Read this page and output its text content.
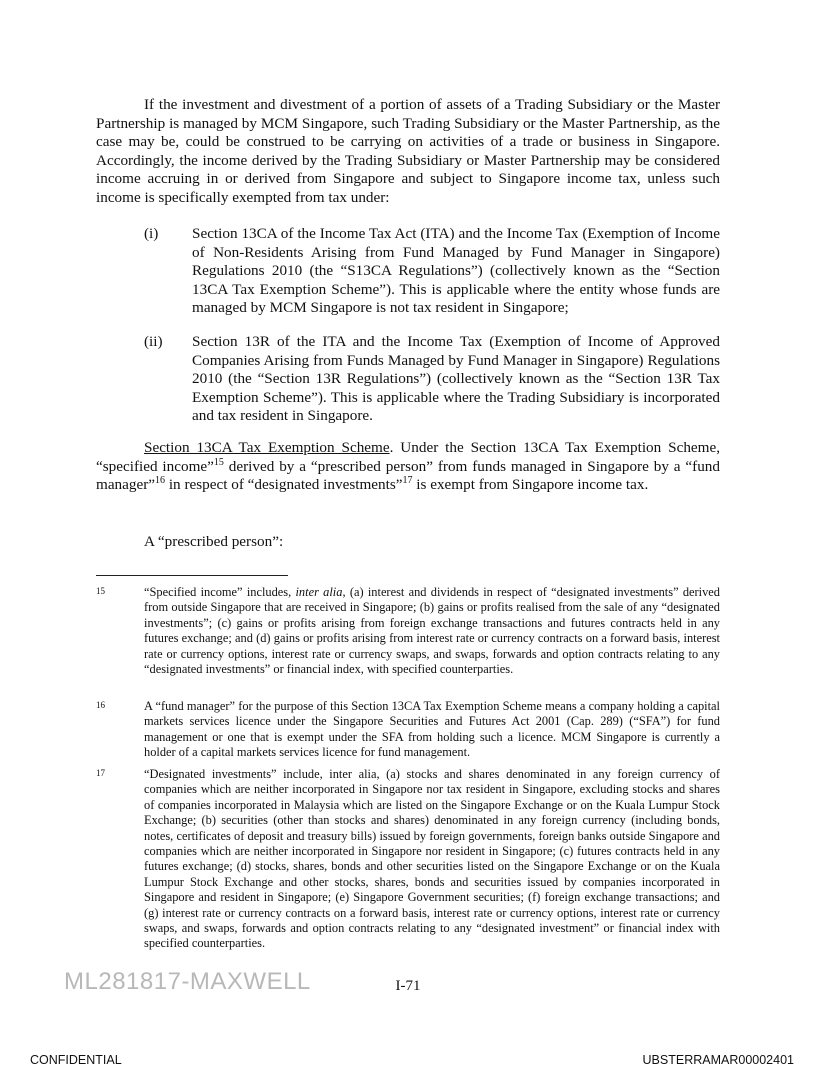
If the investment and divestment of a portion of assets of a Trading Subsidiary or the Master Partnership is managed by MCM Singapore, such Trading Subsidiary or the Master Partnership, as the case may be, could be construed to be carrying on activities of a trade or business in Singapore. Accordingly, the income derived by the Trading Subsidiary or Master Partnership may be considered income accruing in or derived from Singapore and subject to Singapore income tax, unless such income is specifically exempted from tax under:

(i)	Section 13CA of the Income Tax Act (ITA) and the Income Tax (Exemption of Income of Non-Residents Arising from Fund Managed by Fund Manager in Singapore) Regulations 2010 (the “S13CA Regulations”) (collectively known as the “Section 13CA Tax Exemption Scheme”). This is applicable where the entity whose funds are managed by MCM Singapore is not tax resident in Singapore;
(ii)	Section 13R of the ITA and the Income Tax (Exemption of Income of Approved Companies Arising from Funds Managed by Fund Manager in Singapore) Regulations 2010 (the “Section 13R Regulations”) (collectively known as the “Section 13R Tax Exemption Scheme”). This is applicable where the Trading Subsidiary is incorporated and tax resident in Singapore.

Section 13CA Tax Exemption Scheme. Under the Section 13CA Tax Exemption Scheme, “specified income”$^{15}$ derived by a “prescribed person” from funds managed in Singapore by a “fund manager”$^{16}$ in respect of “designated investments”$^{17}$ is exempt from Singapore income tax.

A “prescribed person”:

15	“Specified income” includes, inter alia, (a) interest and dividends in respect of “designated investments” derived from outside Singapore that are received in Singapore; (b) gains or profits realised from the sale of any “designated investments”; (c) gains or profits arising from foreign exchange transactions and futures contracts held in any futures exchange; and (d) gains or profits arising from interest rate or currency contracts on a forward basis, interest rate or currency options, interest rate or currency swaps, and swaps, forwards and option contracts relating to any “designated investments” or financial index, with specified counterparties.
16	A “fund manager” for the purpose of this Section 13CA Tax Exemption Scheme means a company holding a capital markets services licence under the Singapore Securities and Futures Act 2001 (Cap. 289) (“SFA”) for fund management or one that is exempt under the SFA from holding such a licence. MCM Singapore is currently a holder of a capital markets services licence for fund management.
17	“Designated investments” include, inter alia, (a) stocks and shares denominated in any foreign currency of companies which are neither incorporated in Singapore nor tax resident in Singapore, excluding stocks and shares of companies incorporated in Malaysia which are listed on the Singapore Exchange or on the Kuala Lumpur Stock Exchange; (b) securities (other than stocks and shares) denominated in any foreign currency (including bonds, notes, certificates of deposit and treasury bills) issued by foreign governments, foreign banks outside Singapore and companies which are neither incorporated in Singapore nor resident in Singapore; (c) futures contracts held in any futures exchange; (d) stocks, shares, bonds and other securities listed on the Singapore Exchange or on the Kuala Lumpur Stock Exchange and other stocks, shares, bonds and securities issued by companies incorporated in Singapore and resident in Singapore; (e) Singapore Government securities; (f) foreign exchange transactions; and (g) interest rate or currency contracts on a forward basis, interest rate or currency options, interest rate or currency swaps, and swaps, forwards and option contracts relating to any “designated investment” or financial index with specified counterparties.
ML281817-MAXWELL	I-71
CONFIDENTIAL	UBSTERRAMAR00002401
